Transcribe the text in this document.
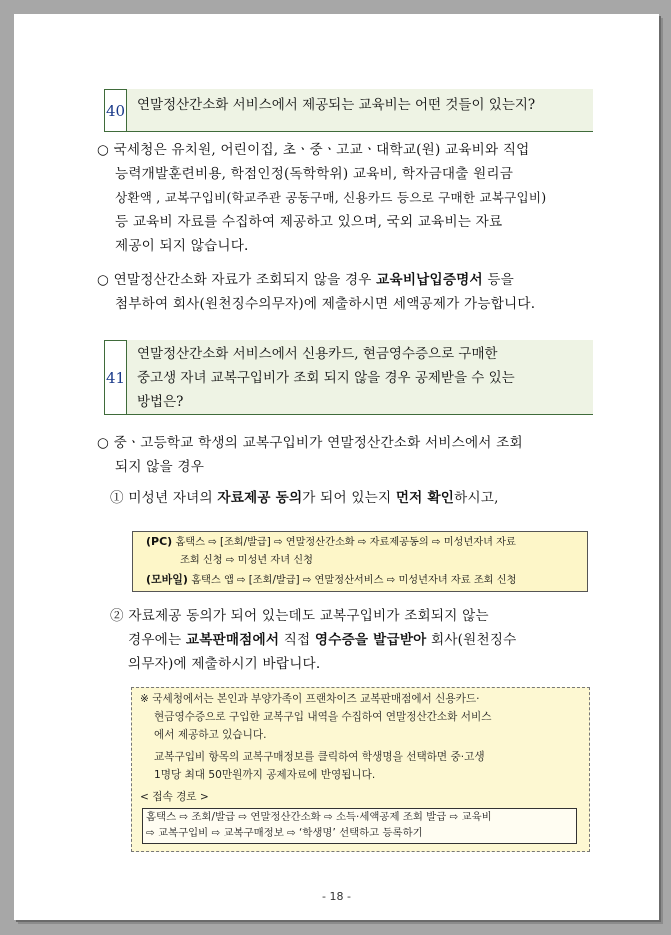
40 연말정산간소화 서비스에서 제공되는 교육비는 어떤 것들이 있는지?
○ 국세청은 유치원, 어린이집, 초ㆍ중ㆍ고교ㆍ대학교(원) 교육비와 직업
능력개발훈련비용, 학점인정(독학학위) 교육비, 학자금대출 원리금
상환액 , 교복구입비(학교주관 공동구매, 신용카드 등으로 구매한 교복구입비)
등 교육비 자료를 수집하여 제공하고 있으며, 국외 교육비는 자료
제공이 되지 않습니다.
○ 연말정산간소화 자료가 조회되지 않을 경우 교육비납입증명서 등을
첨부하여 회사(원천징수의무자)에 제출하시면 세액공제가 가능합니다.
41
연말정산간소화 서비스에서 신용카드, 현금영수증으로 구매한
중고생 자녀 교복구입비가 조회 되지 않을 경우 공제받을 수 있는
방법은?
○ 중ㆍ고등학교 학생의 교복구입비가 연말정산간소화 서비스에서 조회
되지 않을 경우
① 미성년 자녀의 자료제공 동의가 되어 있는지 먼저 확인하시고,
(PC) 홈택스 ⇨ [조회/발급] ⇨ 연말정산간소화 ⇨ 자료제공동의 ⇨ 미성년자녀 자료
조회 신청 ⇨ 미성년 자녀 신청
(모바일) 홈택스 앱 ⇨ [조회/발급] ⇨ 연말정산서비스 ⇨ 미성년자녀 자료 조회 신청
② 자료제공 동의가 되어 있는데도 교복구입비가 조회되지 않는
경우에는 교복판매점에서 직접 영수증을 발급받아 회사(원천징수
의무자)에 제출하시기 바랍니다.
※ 국세청에서는 본인과 부양가족이 프랜차이즈 교복판매점에서 신용카드·
현금영수증으로 구입한 교복구입 내역을 수집하여 연말정산간소화 서비스
에서 제공하고 있습니다.
교복구입비 항목의 교복구매정보를 클릭하여 학생명을 선택하면 중·고생
1명당 최대 50만원까지 공제자료에 반영됩니다.
< 접속 경로 >
홈택스 ⇨ 조회/발급 ⇨ 연말정산간소화 ⇨ 소득·세액공제 조회 발급 ⇨ 교육비
⇨ 교복구입비 ⇨ 교복구매정보 ⇨ ‘학생명’ 선택하고 등록하기
- 18 -
